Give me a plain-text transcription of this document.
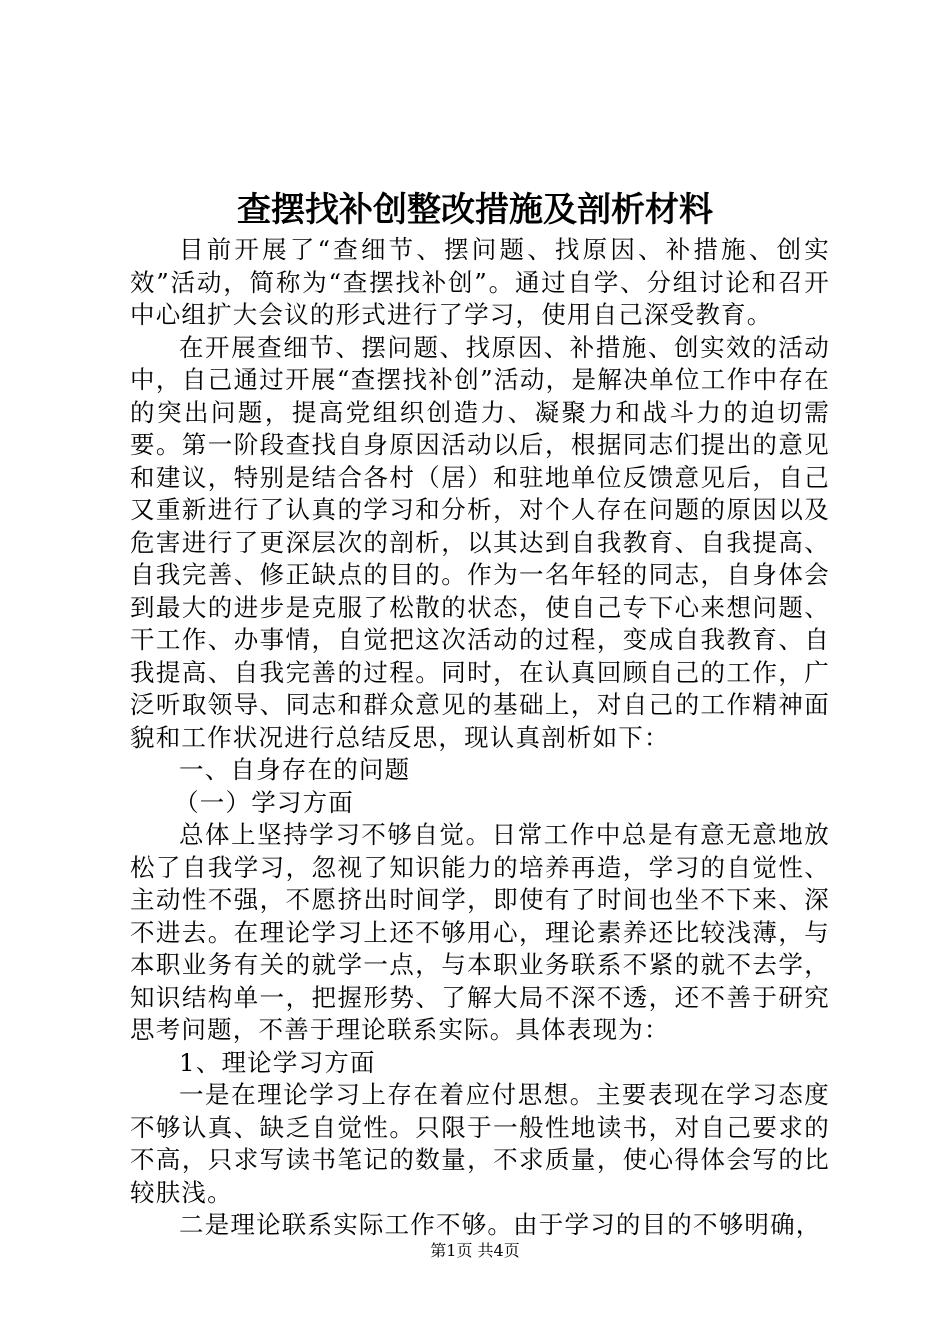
查摆找补创整改措施及剖析材料

目前开展了“查细节、摆问题、找原因、补措施、创实效”活动，简称为“查摆找补创”。通过自学、分组讨论和召开中心组扩大会议的形式进行了学习，使用自己深受教育。

在开展查细节、摆问题、找原因、补措施、创实效的活动中，自己通过开展“查摆找补创”活动，是解决单位工作中存在的突出问题，提高党组织创造力、凝聚力和战斗力的迫切需要。第一阶段查找自身原因活动以后，根据同志们提出的意见和建议，特别是结合各村（居）和驻地单位反馈意见后，自己又重新进行了认真的学习和分析，对个人存在问题的原因以及危害进行了更深层次的剖析，以其达到自我教育、自我提高、自我完善、修正缺点的目的。作为一名年轻的同志，自身体会到最大的进步是克服了松散的状态，使自己专下心来想问题、干工作、办事情，自觉把这次活动的过程，变成自我教育、自我提高、自我完善的过程。同时，在认真回顾自己的工作，广泛听取领导、同志和群众意见的基础上，对自己的工作精神面貌和工作状况进行总结反思，现认真剖析如下：

一、自身存在的问题

（一）学习方面

总体上坚持学习不够自觉。日常工作中总是有意无意地放松了自我学习，忽视了知识能力的培养再造，学习的自觉性、主动性不强，不愿挤出时间学，即使有了时间也坐不下来、深不进去。在理论学习上还不够用心，理论素养还比较浅薄，与本职业务有关的就学一点，与本职业务联系不紧的就不去学，知识结构单一，把握形势、了解大局不深不透，还不善于研究思考问题，不善于理论联系实际。具体表现为：

1、理论学习方面

一是在理论学习上存在着应付思想。主要表现在学习态度不够认真、缺乏自觉性。只限于一般性地读书，对自己要求的不高，只求写读书笔记的数量，不求质量，使心得体会写的比较肤浅。

二是理论联系实际工作不够。由于学习的目的不够明确，

第1页 共4页
